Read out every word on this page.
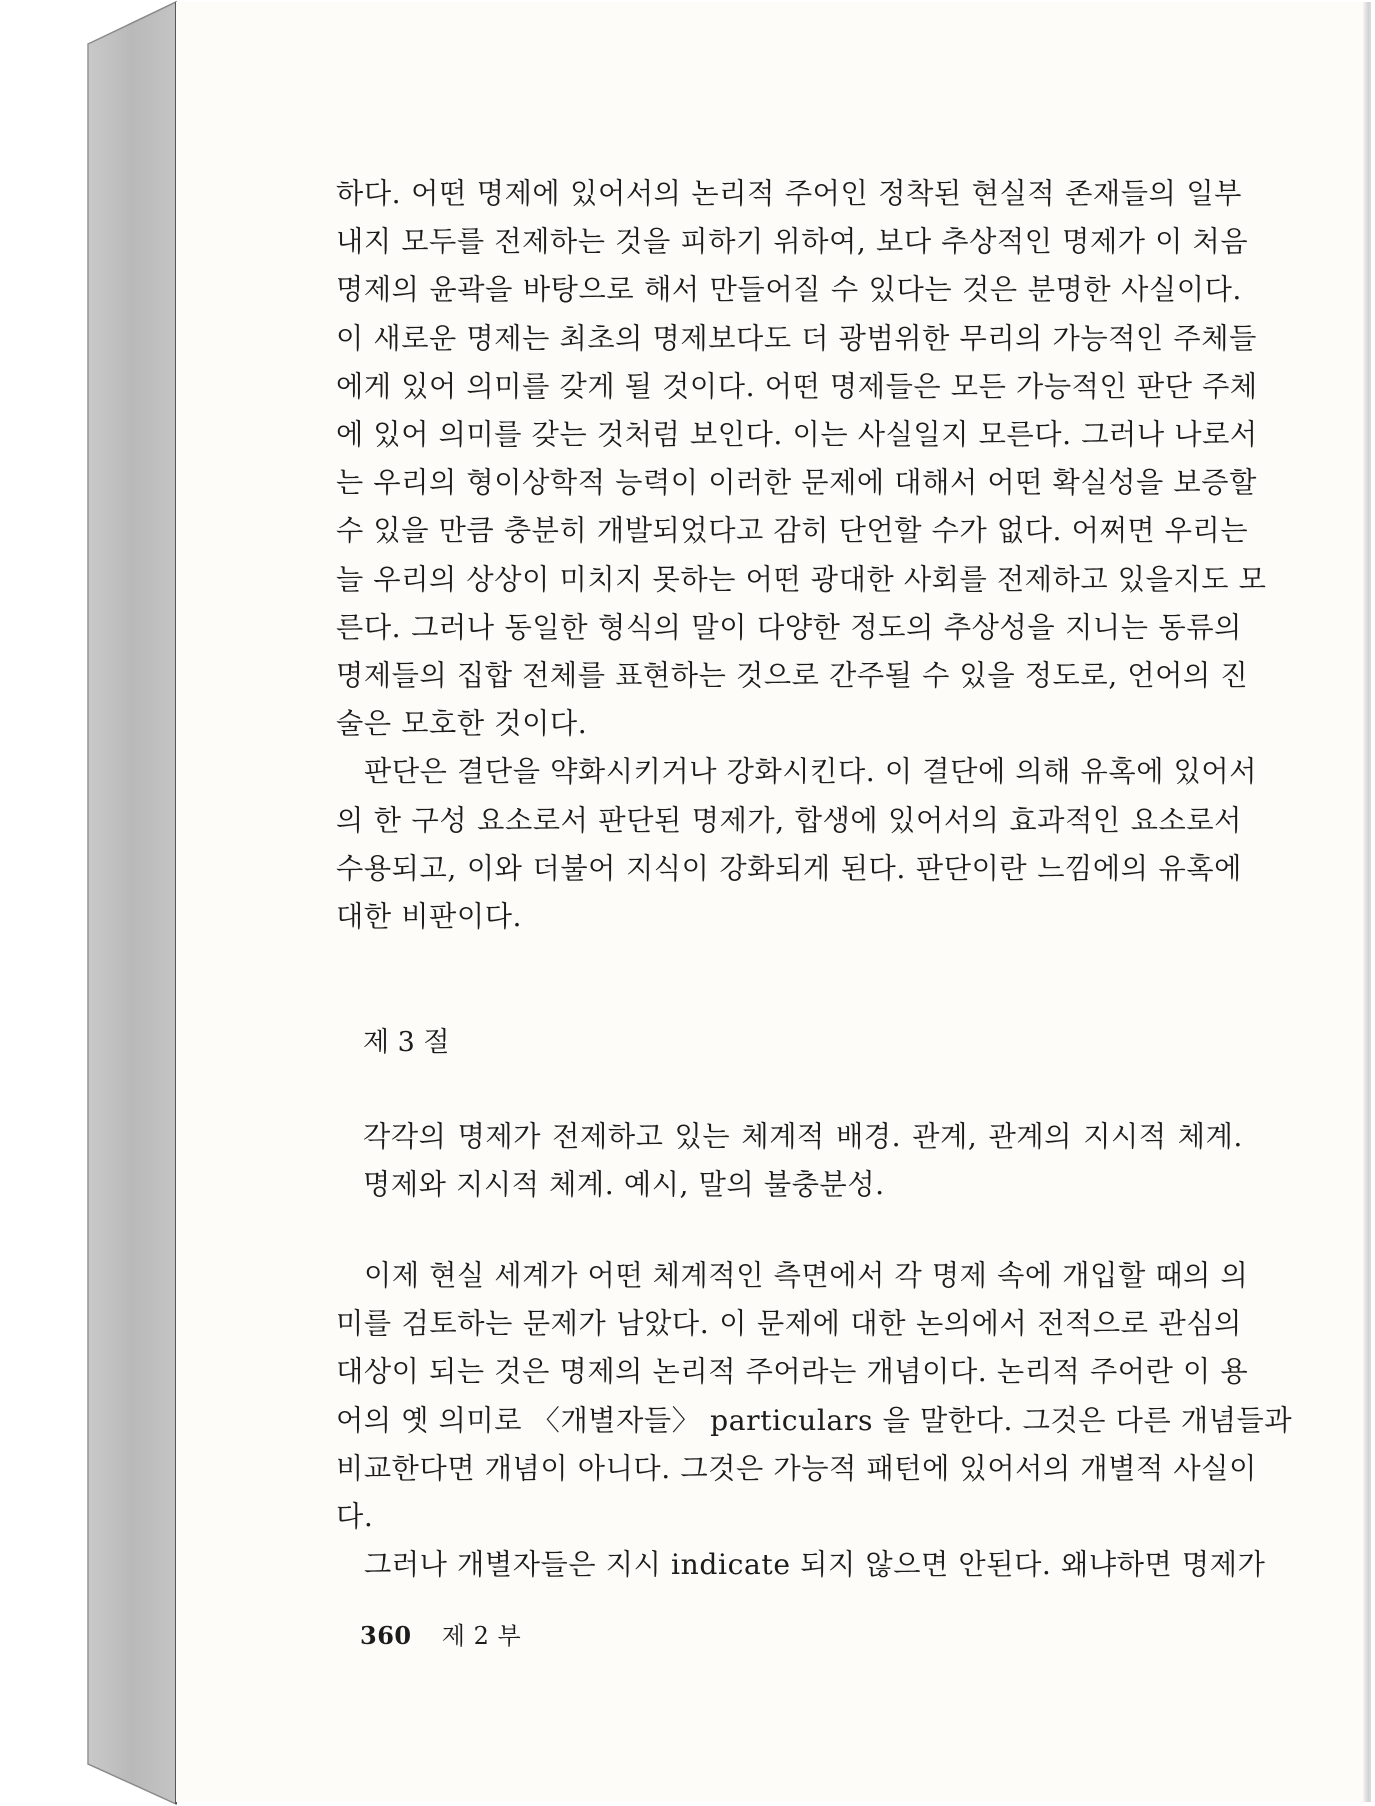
하다. 어떤 명제에 있어서의 논리적 주어인 정착된 현실적 존재들의 일부
내지 모두를 전제하는 것을 피하기 위하여, 보다 추상적인 명제가 이 처음
명제의 윤곽을 바탕으로 해서 만들어질 수 있다는 것은 분명한 사실이다.
이 새로운 명제는 최초의 명제보다도 더 광범위한 무리의 가능적인 주체들
에게 있어 의미를 갖게 될 것이다. 어떤 명제들은 모든 가능적인 판단 주체
에 있어 의미를 갖는 것처럼 보인다. 이는 사실일지 모른다. 그러나 나로서
는 우리의 형이상학적 능력이 이러한 문제에 대해서 어떤 확실성을 보증할
수 있을 만큼 충분히 개발되었다고 감히 단언할 수가 없다. 어쩌면 우리는
늘 우리의 상상이 미치지 못하는 어떤 광대한 사회를 전제하고 있을지도 모
른다. 그러나 동일한 형식의 말이 다양한 정도의 추상성을 지니는 동류의
명제들의 집합 전체를 표현하는 것으로 간주될 수 있을 정도로, 언어의 진
술은 모호한 것이다.
판단은 결단을 약화시키거나 강화시킨다. 이 결단에 의해 유혹에 있어서
의 한 구성 요소로서 판단된 명제가, 합생에 있어서의 효과적인 요소로서
수용되고, 이와 더불어 지식이 강화되게 된다. 판단이란 느낌에의 유혹에
대한 비판이다.
제 3 절
각각의 명제가 전제하고 있는 체계적 배경. 관계, 관계의 지시적 체계.
명제와 지시적 체계. 예시, 말의 불충분성.
이제 현실 세계가 어떤 체계적인 측면에서 각 명제 속에 개입할 때의 의
미를 검토하는 문제가 남았다. 이 문제에 대한 논의에서 전적으로 관심의
대상이 되는 것은 명제의 논리적 주어라는 개념이다. 논리적 주어란 이 용
어의 옛 의미로 〈개별자들〉 particulars 을 말한다. 그것은 다른 개념들과
비교한다면 개념이 아니다. 그것은 가능적 패턴에 있어서의 개별적 사실이
다.
그러나 개별자들은 지시 indicate 되지 않으면 안된다. 왜냐하면 명제가
360 제 2 부
